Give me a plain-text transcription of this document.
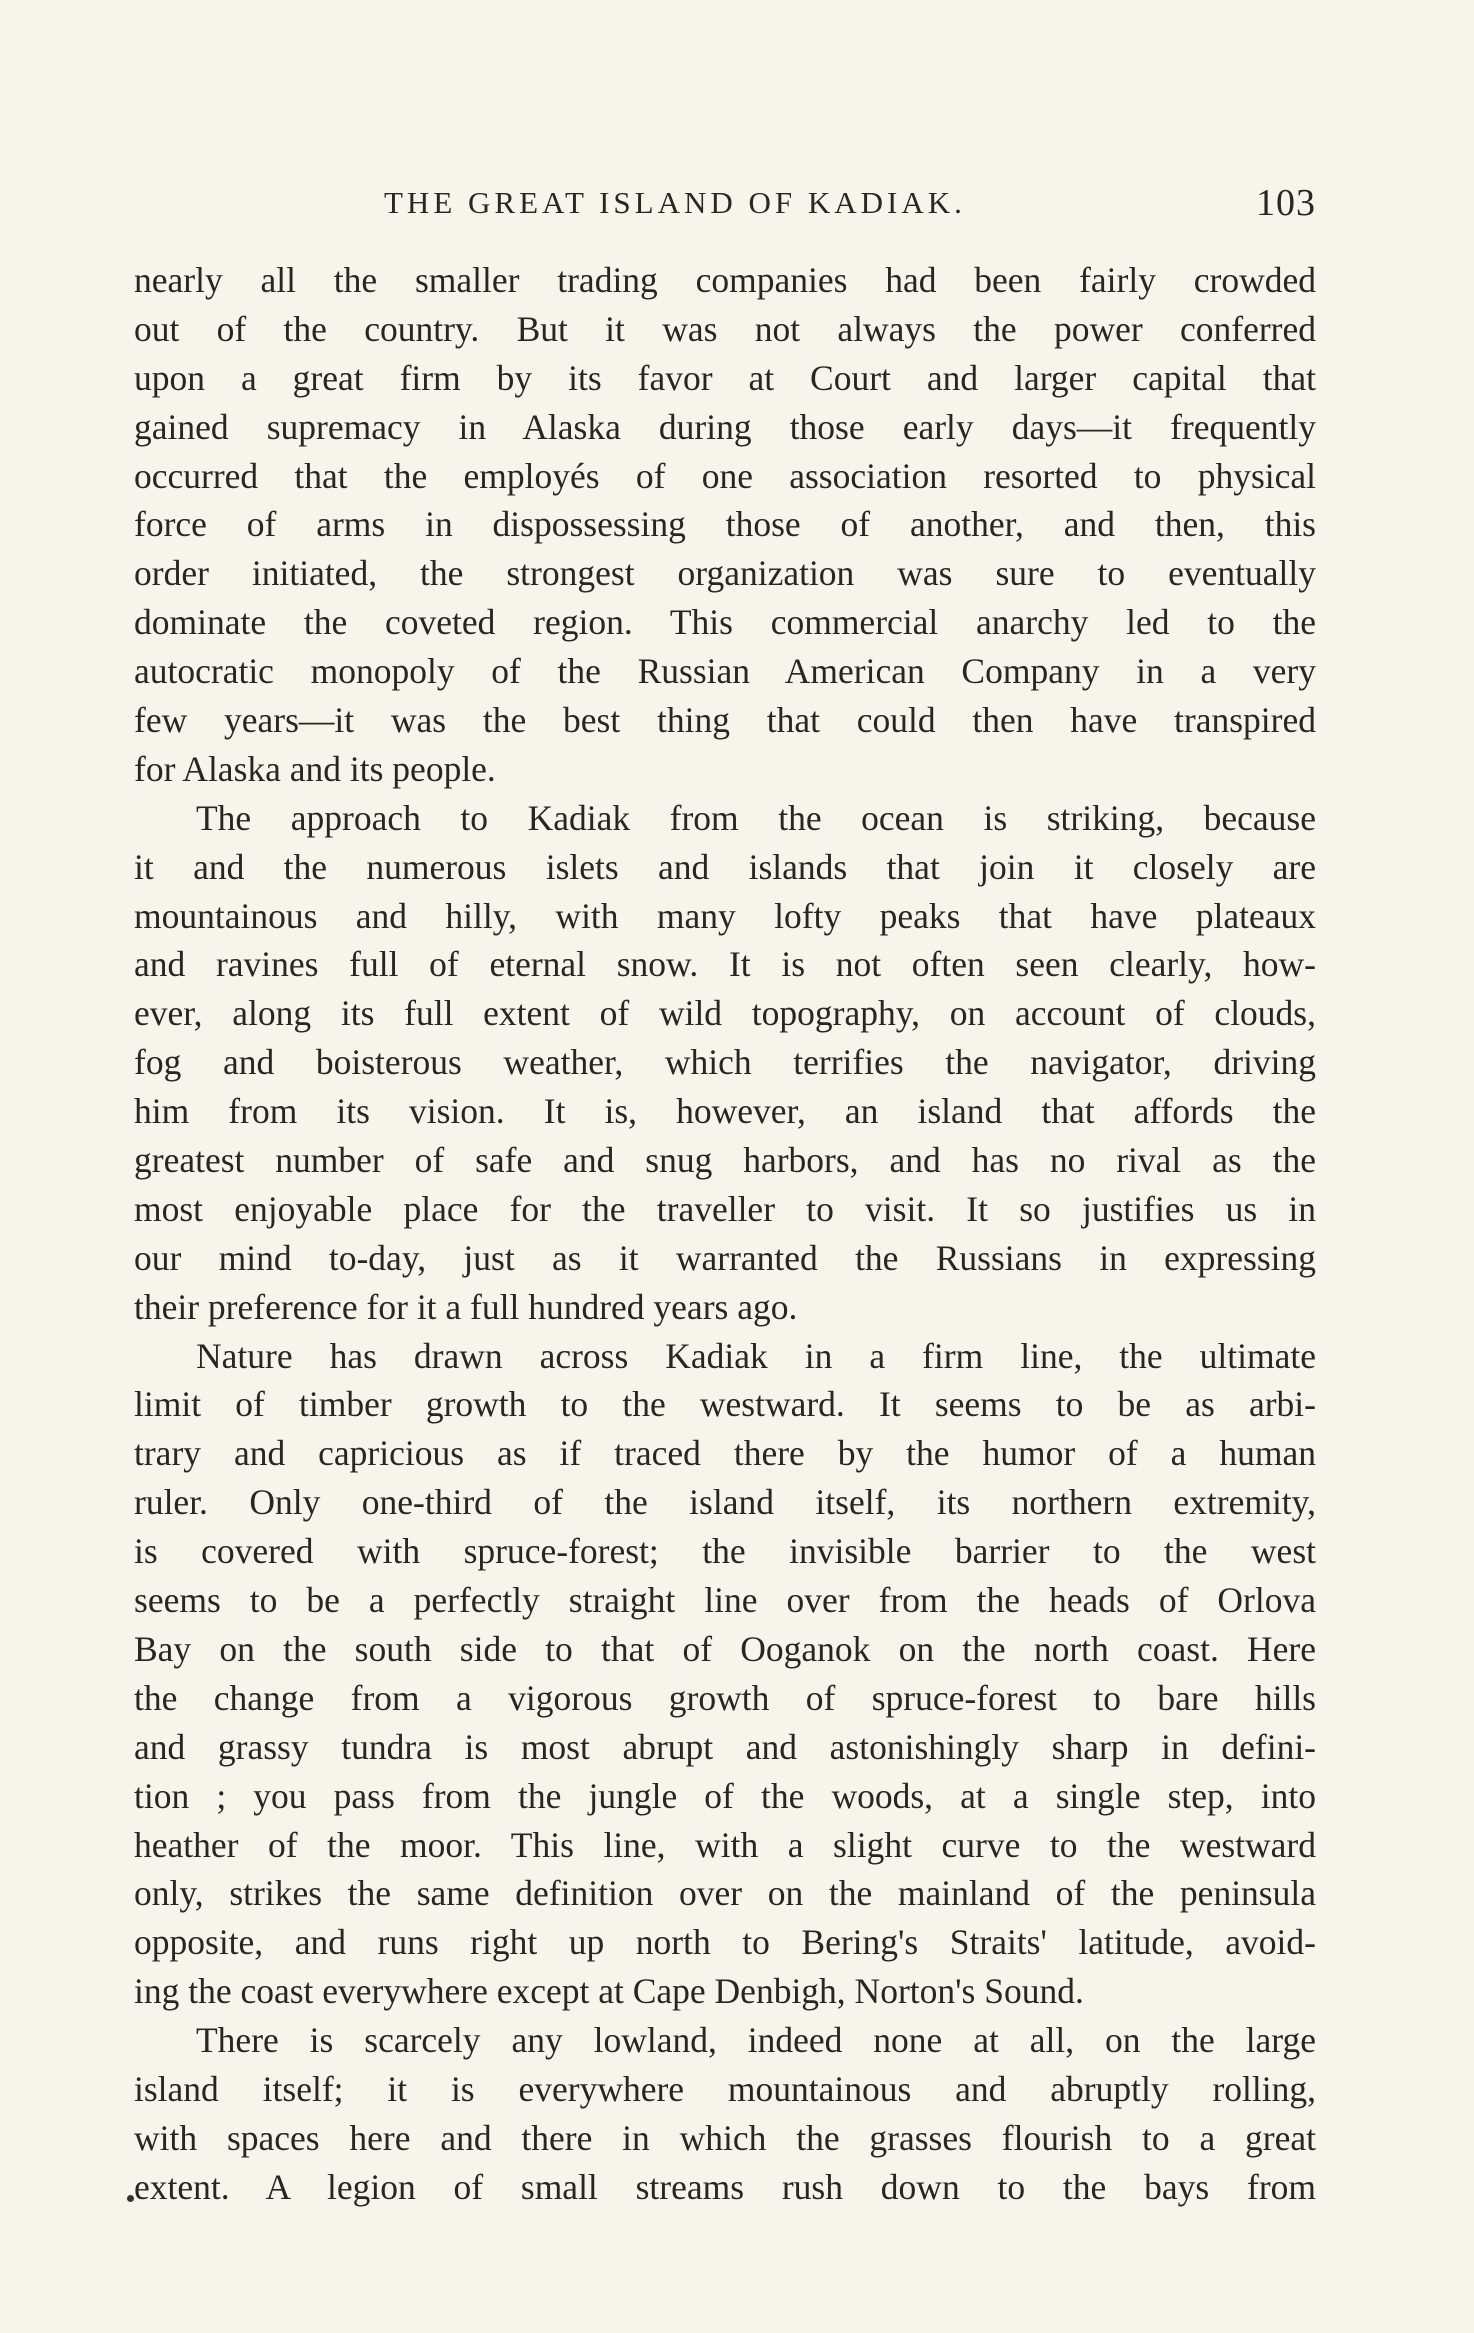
THE GREAT ISLAND OF KADIAK.	103
nearly all the smaller trading companies had been fairly crowded
out of the country. But it was not always the power conferred
upon a great firm by its favor at Court and larger capital that
gained supremacy in Alaska during those early days—it frequently
occurred that the employés of one association resorted to physical
force of arms in dispossessing those of another, and then, this
order initiated, the strongest organization was sure to eventually
dominate the coveted region. This commercial anarchy led to the
autocratic monopoly of the Russian American Company in a very
few years—it was the best thing that could then have transpired
for Alaska and its people.
The approach to Kadiak from the ocean is striking, because
it and the numerous islets and islands that join it closely are
mountainous and hilly, with many lofty peaks that have plateaux
and ravines full of eternal snow. It is not often seen clearly, how-
ever, along its full extent of wild topography, on account of clouds,
fog and boisterous weather, which terrifies the navigator, driving
him from its vision. It is, however, an island that affords the
greatest number of safe and snug harbors, and has no rival as the
most enjoyable place for the traveller to visit. It so justifies us in
our mind to-day, just as it warranted the Russians in expressing
their preference for it a full hundred years ago.
Nature has drawn across Kadiak in a firm line, the ultimate
limit of timber growth to the westward. It seems to be as arbi-
trary and capricious as if traced there by the humor of a human
ruler. Only one-third of the island itself, its northern extremity,
is covered with spruce-forest; the invisible barrier to the west
seems to be a perfectly straight line over from the heads of Orlova
Bay on the south side to that of Ooganok on the north coast. Here
the change from a vigorous growth of spruce-forest to bare hills
and grassy tundra is most abrupt and astonishingly sharp in defini-
tion ; you pass from the jungle of the woods, at a single step, into
heather of the moor. This line, with a slight curve to the westward
only, strikes the same definition over on the mainland of the peninsula
opposite, and runs right up north to Bering's Straits' latitude, avoid-
ing the coast everywhere except at Cape Denbigh, Norton's Sound.
There is scarcely any lowland, indeed none at all, on the large
island itself; it is everywhere mountainous and abruptly rolling,
with spaces here and there in which the grasses flourish to a great
extent. A legion of small streams rush down to the bays from
